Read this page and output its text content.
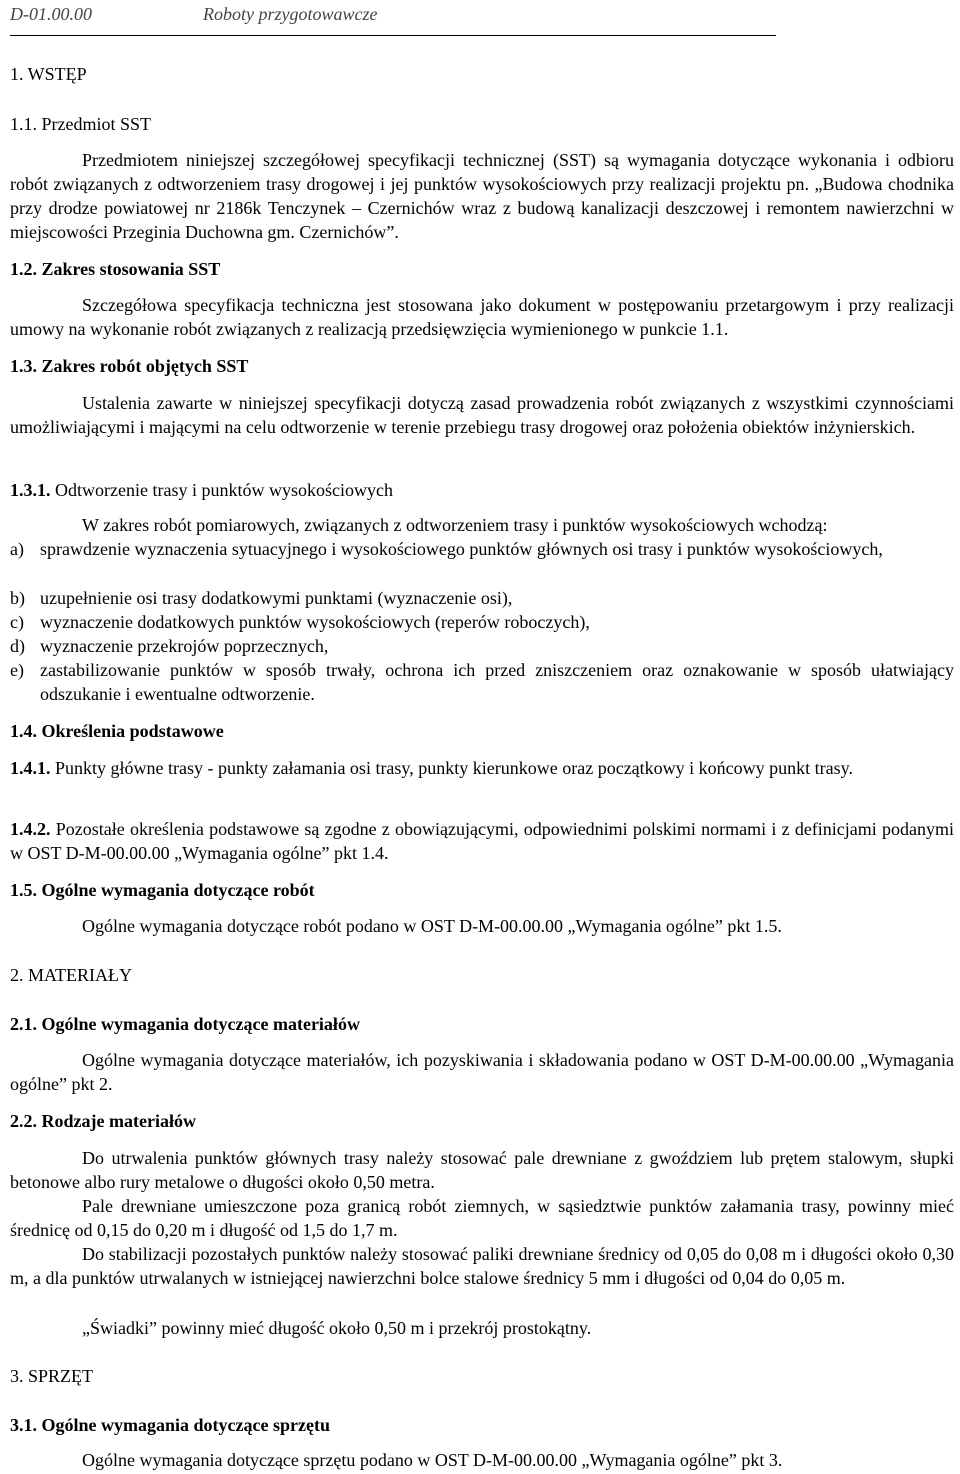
D-01.00.00	Roboty przygotowawcze
1. WSTĘP
1.1. Przedmiot SST

Przedmiotem niniejszej szczegółowej specyfikacji technicznej (SST) są wymagania dotyczące wykonania i odbioru robót związanych z odtworzeniem trasy drogowej i jej punktów wysokościowych przy realizacji projektu pn. „Budowa chodnika przy drodze powiatowej nr 2186k Tenczynek – Czernichów wraz z budową kanalizacji deszczowej i remontem nawierzchni w miejscowości Przeginia Duchowna gm. Czernichów”.

1.2. Zakres stosowania SST

Szczegółowa specyfikacja techniczna jest stosowana jako dokument w postępowaniu przetargowym i przy realizacji umowy na wykonanie robót związanych z realizacją przedsięwzięcia wymienionego w punkcie 1.1.

1.3. Zakres robót objętych SST

Ustalenia zawarte w niniejszej specyfikacji dotyczą zasad prowadzenia robót związanych z wszystkimi czynnościami umożliwiającymi i mającymi na celu odtworzenie w terenie przebiegu trasy drogowej oraz położenia obiektów inżynierskich.

1.3.1. Odtworzenie trasy i punktów wysokościowych

W zakres robót pomiarowych, związanych z odtworzeniem trasy i punktów wysokościowych wchodzą:

a) sprawdzenie wyznaczenia sytuacyjnego i wysokościowego punktów głównych osi trasy i punktów wysokościowych,

b) uzupełnienie osi trasy dodatkowymi punktami (wyznaczenie osi),

c) wyznaczenie dodatkowych punktów wysokościowych (reperów roboczych),

d) wyznaczenie przekrojów poprzecznych,

e) zastabilizowanie punktów w sposób trwały, ochrona ich przed zniszczeniem oraz oznakowanie w sposób ułatwiający odszukanie i ewentualne odtworzenie.

1.4. Określenia podstawowe

1.4.1. Punkty główne trasy - punkty załamania osi trasy, punkty kierunkowe oraz początkowy i końcowy punkt trasy.

1.4.2. Pozostałe określenia podstawowe są zgodne z obowiązującymi, odpowiednimi polskimi normami i z definicjami podanymi w OST D-M-00.00.00 „Wymagania ogólne” pkt 1.4.

1.5. Ogólne wymagania dotyczące robót

Ogólne wymagania dotyczące robót podano w OST D-M-00.00.00 „Wymagania ogólne” pkt 1.5.

2. MATERIAŁY
2.1. Ogólne wymagania dotyczące materiałów

Ogólne wymagania dotyczące materiałów, ich pozyskiwania i składowania podano w OST D-M-00.00.00 „Wymagania ogólne” pkt 2.

2.2. Rodzaje materiałów

Do utrwalenia punktów głównych trasy należy stosować pale drewniane z gwoździem lub prętem stalowym, słupki betonowe albo rury metalowe o długości około 0,50 metra.

Pale drewniane umieszczone poza granicą robót ziemnych, w sąsiedztwie punktów załamania trasy, powinny mieć średnicę od 0,15 do 0,20 m i długość od 1,5 do 1,7 m.

Do stabilizacji pozostałych punktów należy stosować paliki drewniane średnicy od 0,05 do 0,08 m i długości około 0,30 m, a dla punktów utrwalanych w istniejącej nawierzchni bolce stalowe średnicy 5 mm i długości od 0,04 do 0,05 m.

„Świadki” powinny mieć długość około 0,50 m i przekrój prostokątny.

3. SPRZĘT
3.1. Ogólne wymagania dotyczące sprzętu

Ogólne wymagania dotyczące sprzętu podano w OST D-M-00.00.00 „Wymagania ogólne” pkt 3.
